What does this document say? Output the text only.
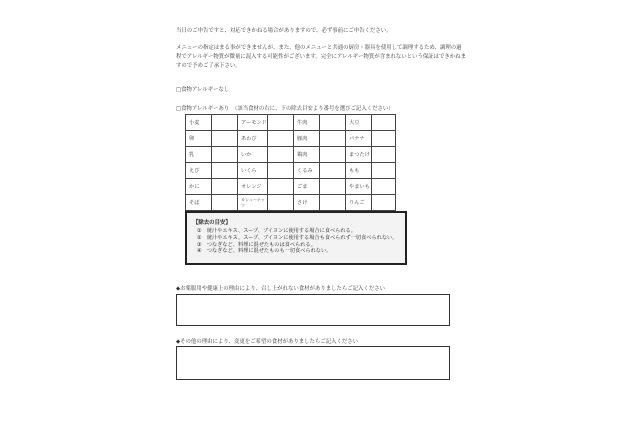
当日のご申告ですと、対応できかねる場合がありますので、必ず事前にご申告ください。
メニューの指定はまる事ができませんが、また、他のメニューと共通の厨房・器具を使用して調理するため、調理の過程でアレルギー物質が微量に混入する可能性がございます。完全にアレルギー物質が含まれないという保証はできかねますので予めご了承下さい。
□食物アレルギーなし
□食物アレルギーあり　（該当食材の右に、下の除去目安より番号を選びご記入ください）
小麦		アーモンド		牛肉		大豆	
卵		あわび		豚肉		バナナ	
乳		いか		鶏肉		まつたけ	
えび		いくら		くるみ		もも	
かに		オレンジ		ごま		やまいも	
そば		カシューナッツ		さけ		りんご	

【除去の目安】
①　焼汁やエキス、スープ、ブイヨンに使用する場合に食べられる。
②　焼汁やエキス、スープ、ブイヨンに使用する場合も食べられず一切食べられない。
③　つなぎなど、料理に混ぜたものは食べられる。
④　つなぎなど、料理に混ぜたものも一切食べられない。
◆お薬服用や健康上の理由により、召し上がれない食材がありましたらご記入ください
◆その他の理由により、変更をご希望の食材がありましたらご記入ください
